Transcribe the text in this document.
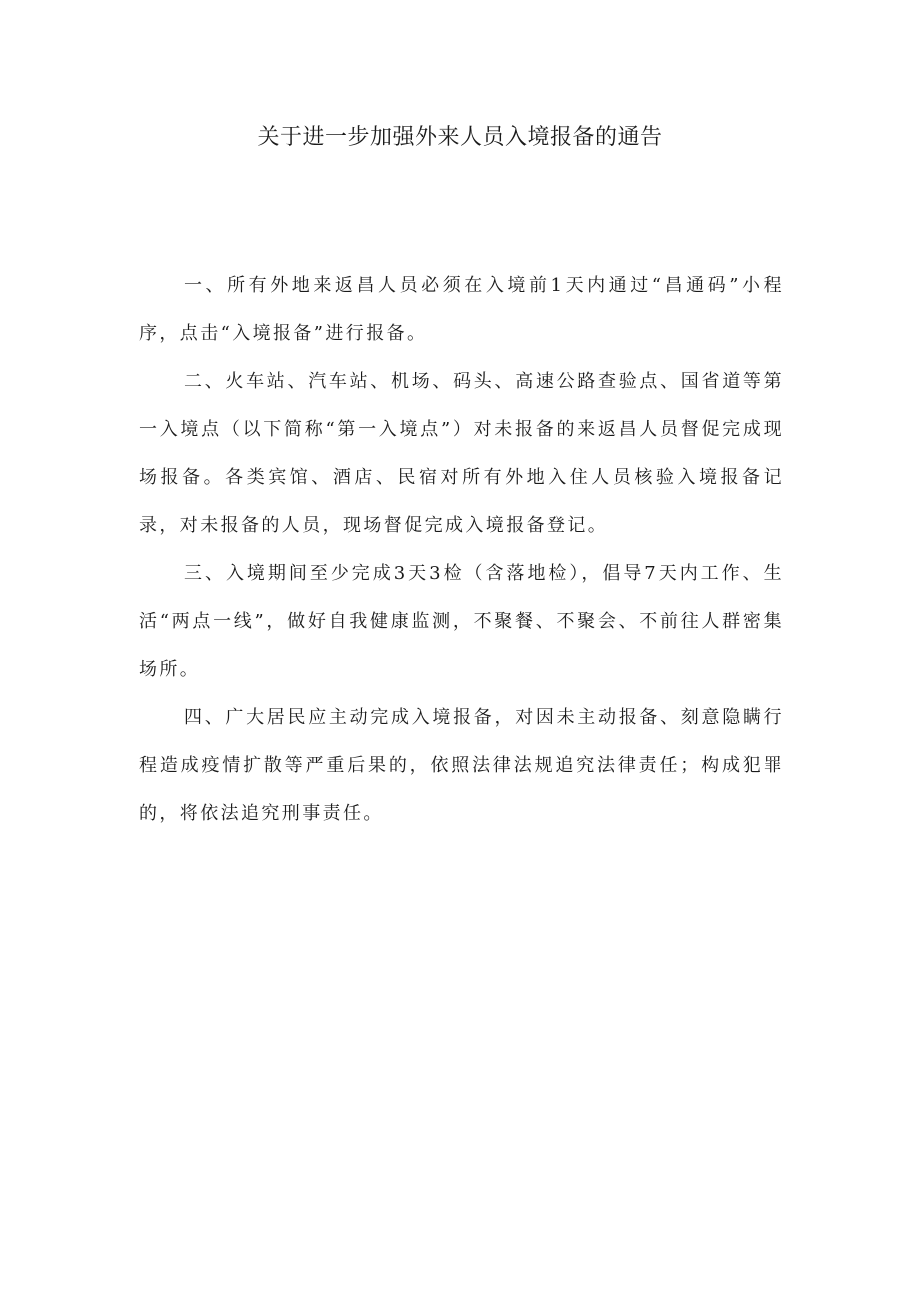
关于进一步加强外来人员入境报备的通告

一、所有外地来返昌人员必须在入境前1天内通过“昌通码”小程序，点击“入境报备”进行报备。

二、火车站、汽车站、机场、码头、高速公路查验点、国省道等第一入境点（以下简称“第一入境点”）对未报备的来返昌人员督促完成现场报备。各类宾馆、酒店、民宿对所有外地入住人员核验入境报备记录，对未报备的人员，现场督促完成入境报备登记。

三、入境期间至少完成3天3检（含落地检），倡导7天内工作、生活“两点一线”，做好自我健康监测，不聚餐、不聚会、不前往人群密集场所。

四、广大居民应主动完成入境报备，对因未主动报备、刻意隐瞒行程造成疫情扩散等严重后果的，依照法律法规追究法律责任；构成犯罪的，将依法追究刑事责任。
